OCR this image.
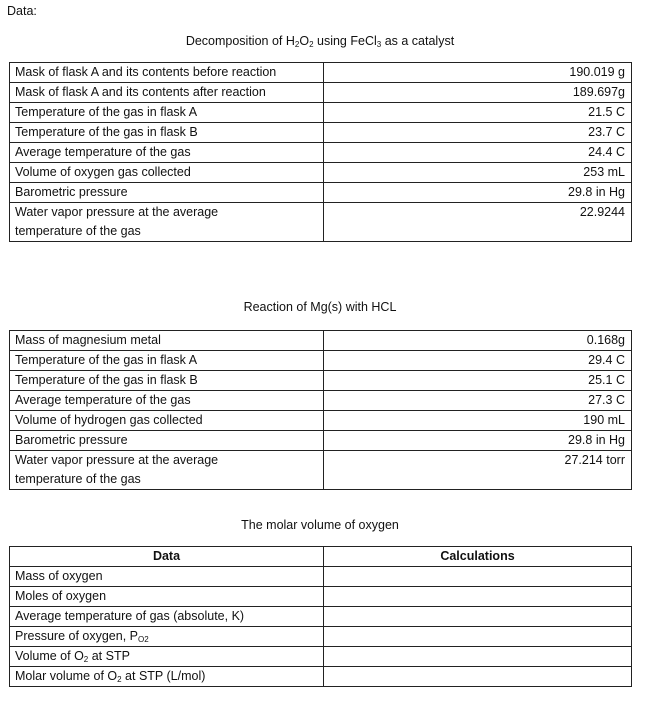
Data:
Decomposition of $H_2O_2$ using FeCl$_3$ as a catalyst
Mask of flask A and its contents before reaction	190.019 g
Mask of flask A and its contents after reaction	189.697g
Temperature of the gas in flask A	21.5 C
Temperature of the gas in flask B	23.7 C
Average temperature of the gas	24.4 C
Volume of oxygen gas collected	253 mL
Barometric pressure	29.8 in Hg

Water vapor pressure at the average
temperature of the gas	22.9244
Reaction of Mg(s) with HCL
Mass of magnesium metal	0.168g
Temperature of the gas in flask A	29.4 C
Temperature of the gas in flask B	25.1 C
Average temperature of the gas	27.3 C
Volume of hydrogen gas collected	190 mL
Barometric pressure	29.8 in Hg

Water vapor pressure at the average
temperature of the gas	27.214 torr
The molar volume of oxygen
Data	Calculations
Mass of oxygen	
Moles of oxygen	
Average temperature of gas (absolute, K)	
Pressure of oxygen, $P_{O2}$	
Volume of $O_2$ at STP	
Molar volume of $O_2$ at STP (L/mol)	
